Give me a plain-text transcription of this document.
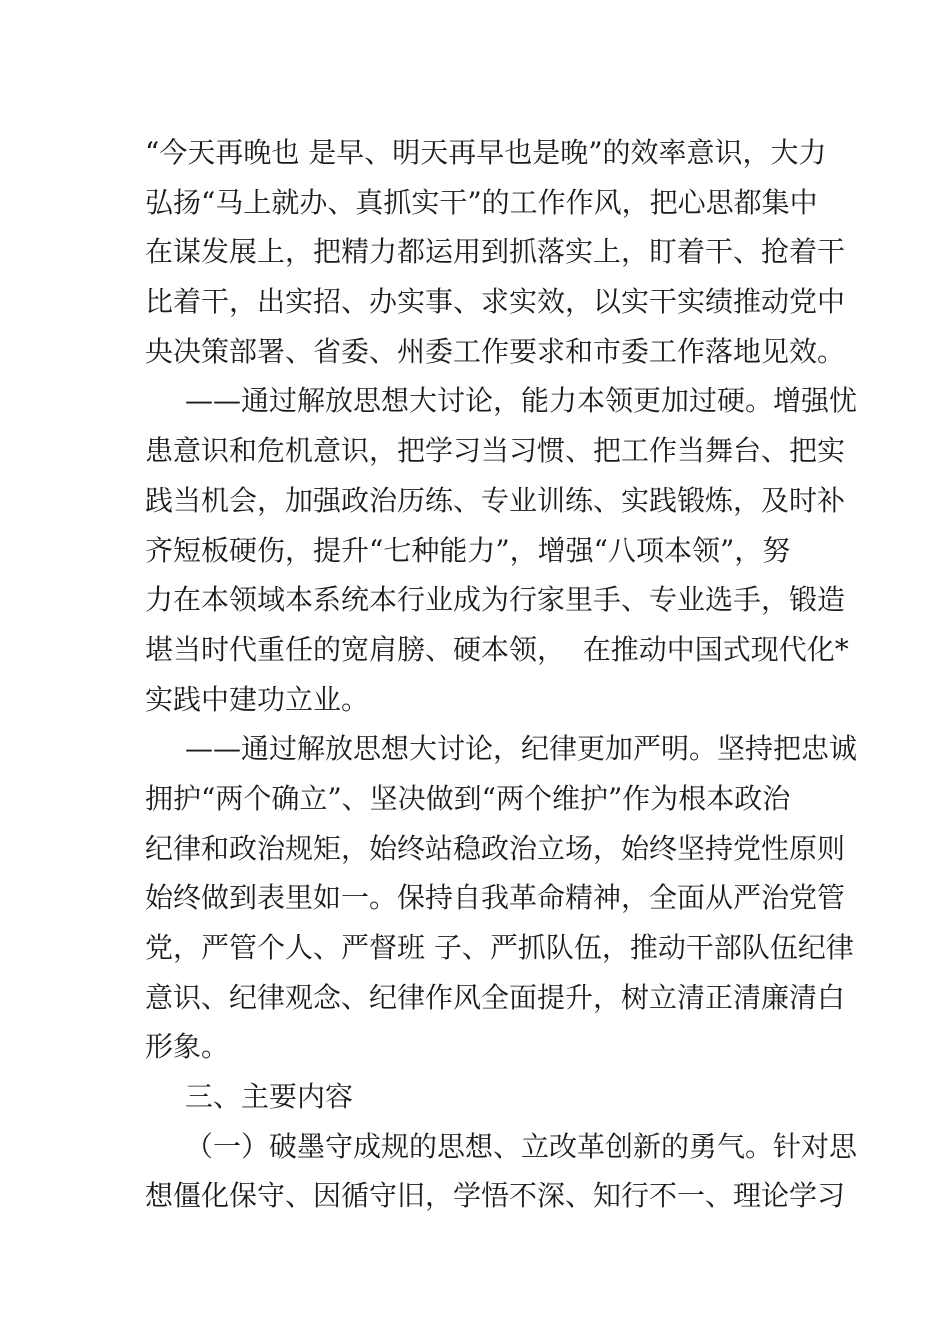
“今天再晚也 是早、明天再早也是晚”的效率意识，大力
弘扬“马上就办、真抓实干”的工作作风，把心思都集中
在谋发展上，把精力都运用到抓落实上，盯着干、抢着干
比着干，出实招、办实事、求实效，以实干实绩推动党中
央决策部署、省委、州委工作要求和市委工作落地见效。
——通过解放思想大讨论，能力本领更加过硬。增强忧
患意识和危机意识，把学习当习惯、把工作当舞台、把实
践当机会，加强政治历练、专业训练、实践锻炼，及时补
齐短板硬伤，提升“七种能力”，增强“八项本领”，努
力在本领域本系统本行业成为行家里手、专业选手，锻造
堪当时代重任的宽肩膀、硬本领，  在推动中国式现代化*
实践中建功立业。
——通过解放思想大讨论，纪律更加严明。坚持把忠诚
拥护“两个确立”、坚决做到“两个维护”作为根本政治
纪律和政治规矩，始终站稳政治立场，始终坚持党性原则
始终做到表里如一。保持自我革命精神，全面从严治党管
党，严管个人、严督班 子、严抓队伍，推动干部队伍纪律
意识、纪律观念、纪律作风全面提升，树立清正清廉清白
形象。
三、主要内容
（一）破墨守成规的思想、立改革创新的勇气。针对思
想僵化保守、因循守旧，学悟不深、知行不一、理论学习
